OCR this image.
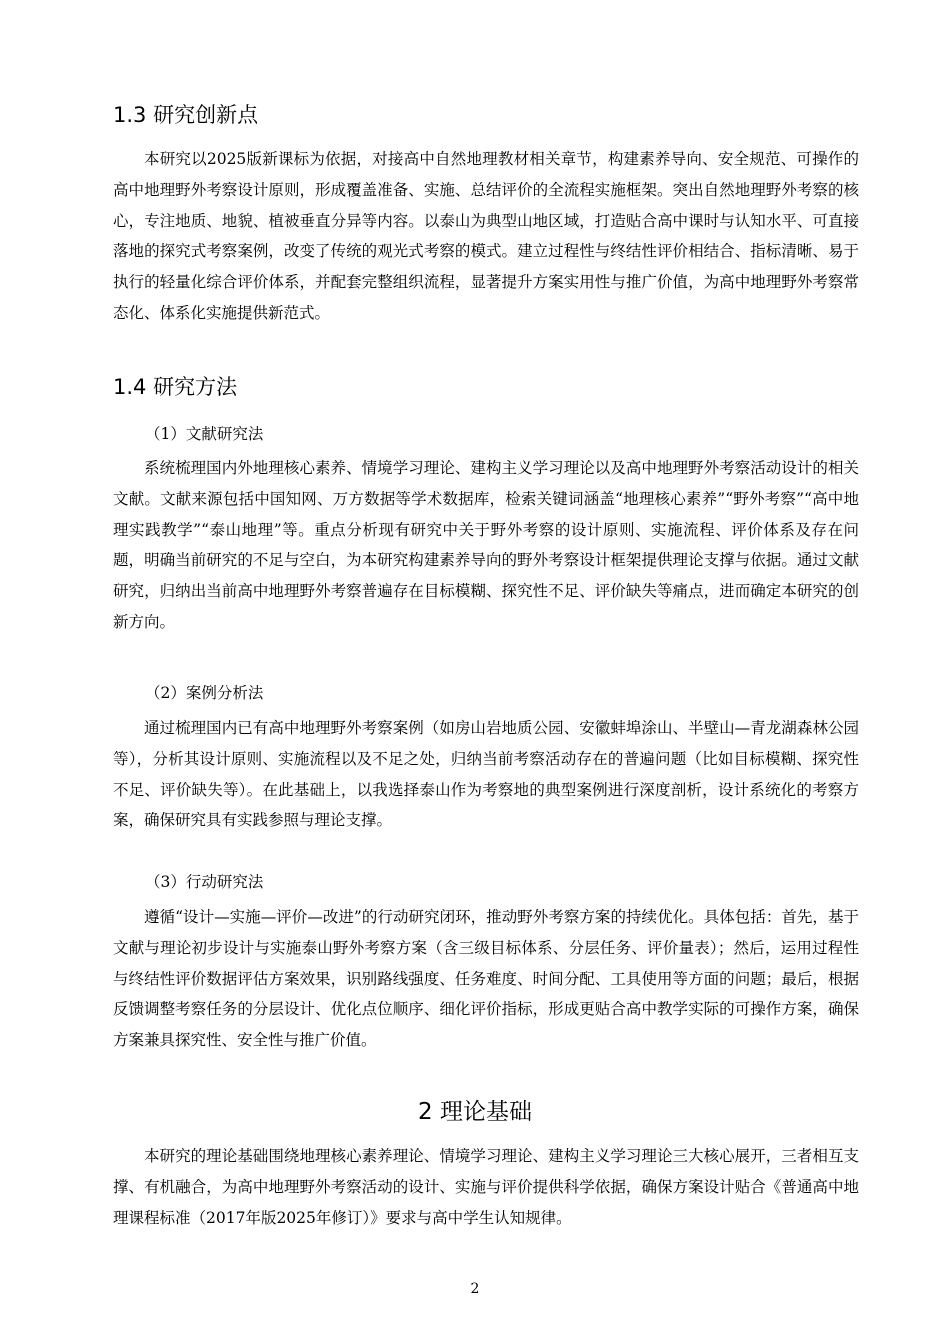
1.3 研究创新点

本研究以2025版新课标为依据，对接高中自然地理教材相关章节，构建素养导向、安全规范、可操作的高中地理野外考察设计原则，形成覆盖准备、实施、总结评价的全流程实施框架。突出自然地理野外考察的核心，专注地质、地貌、植被垂直分异等内容。以泰山为典型山地区域，打造贴合高中课时与认知水平、可直接落地的探究式考察案例，改变了传统的观光式考察的模式。建立过程性与终结性评价相结合、指标清晰、易于执行的轻量化综合评价体系，并配套完整组织流程，显著提升方案实用性与推广价值，为高中地理野外考察常态化、体系化实施提供新范式。

1.4 研究方法

（1）文献研究法

系统梳理国内外地理核心素养、情境学习理论、建构主义学习理论以及高中地理野外考察活动设计的相关文献。文献来源包括中国知网、万方数据等学术数据库，检索关键词涵盖“地理核心素养”“野外考察”“高中地理实践教学”“泰山地理”等。重点分析现有研究中关于野外考察的设计原则、实施流程、评价体系及存在问题，明确当前研究的不足与空白，为本研究构建素养导向的野外考察设计框架提供理论支撑与依据。通过文献研究，归纳出当前高中地理野外考察普遍存在目标模糊、探究性不足、评价缺失等痛点，进而确定本研究的创新方向。

（2）案例分析法

通过梳理国内已有高中地理野外考察案例（如房山岩地质公园、安徽蚌埠涂山、半壁山—青龙湖森林公园等），分析其设计原则、实施流程以及不足之处，归纳当前考察活动存在的普遍问题（比如目标模糊、探究性不足、评价缺失等）。在此基础上，以我选择泰山作为考察地的典型案例进行深度剖析，设计系统化的考察方案，确保研究具有实践参照与理论支撑。

（3）行动研究法

遵循“设计—实施—评价—改进”的行动研究闭环，推动野外考察方案的持续优化。具体包括：首先，基于文献与理论初步设计与实施泰山野外考察方案（含三级目标体系、分层任务、评价量表）；然后，运用过程性与终结性评价数据评估方案效果，识别路线强度、任务难度、时间分配、工具使用等方面的问题；最后，根据反馈调整考察任务的分层设计、优化点位顺序、细化评价指标，形成更贴合高中教学实际的可操作方案，确保方案兼具探究性、安全性与推广价值。

2 理论基础

本研究的理论基础围绕地理核心素养理论、情境学习理论、建构主义学习理论三大核心展开，三者相互支撑、有机融合，为高中地理野外考察活动的设计、实施与评价提供科学依据，确保方案设计贴合《普通高中地理课程标准（2017年版2025年修订）》要求与高中学生认知规律。

2
